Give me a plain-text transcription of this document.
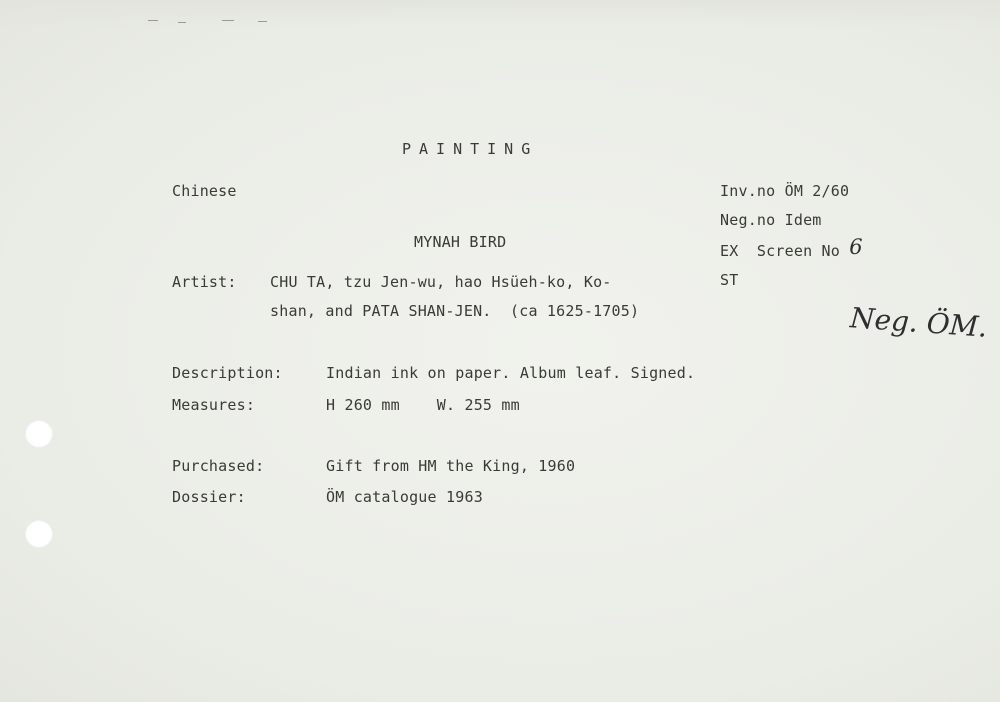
PAINTING
Chinese	Inv.no ÖM 2/60
Neg.no Idem
EX  Screen No 6
ST
MYNAH BIRD
Artist: CHU TA, tzu Jen-wu, hao Hsüeh-ko, Ko-
shan, and PATA SHAN-JEN.  (ca 1625-1705)	Neg. ÖM.
Description:	Indian ink on paper. Album leaf. Signed.
Measures:	H 260 mm    W. 255 mm
Purchased:	Gift from HM the King, 1960
Dossier:	ÖM catalogue 1963
